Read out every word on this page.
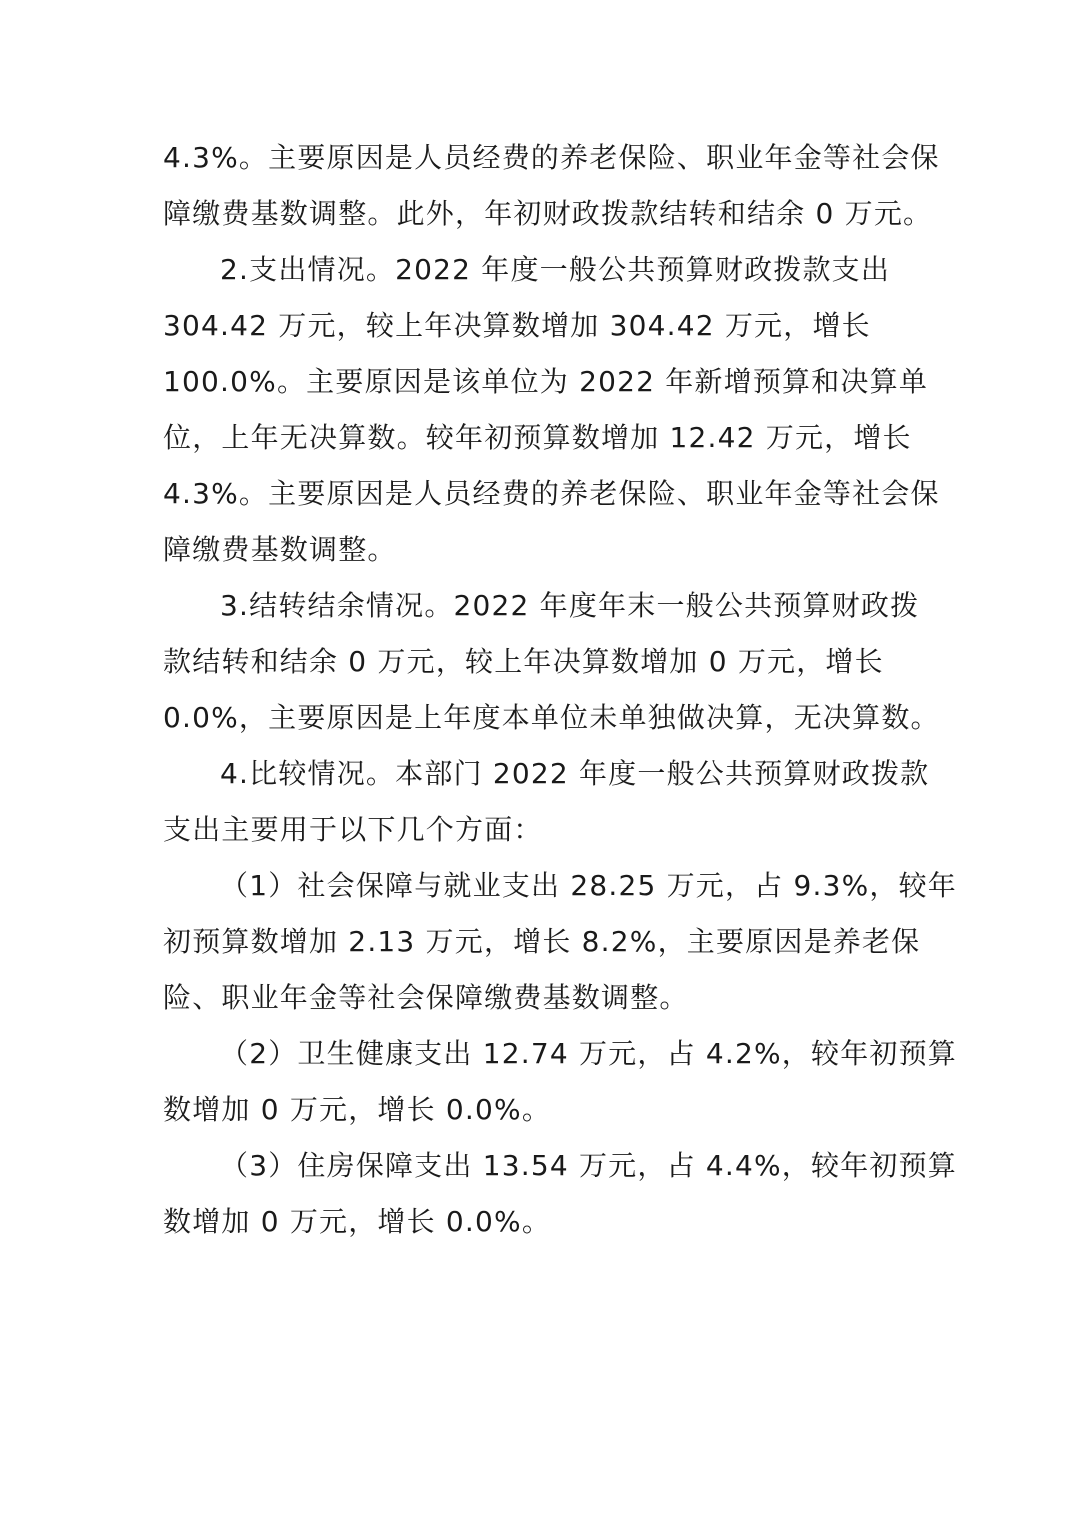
4.3%。主要原因是人员经费的养老保险、职业年金等社会保
障缴费基数调整。此外，年初财政拨款结转和结余 0 万元。
2.支出情况。2022 年度一般公共预算财政拨款支出
304.42 万元，较上年决算数增加 304.42 万元，增长
100.0%。主要原因是该单位为 2022 年新增预算和决算单
位，上年无决算数。较年初预算数增加 12.42 万元，增长
4.3%。主要原因是人员经费的养老保险、职业年金等社会保
障缴费基数调整。
3.结转结余情况。2022 年度年末一般公共预算财政拨
款结转和结余 0 万元，较上年决算数增加 0 万元，增长
0.0%，主要原因是上年度本单位未单独做决算，无决算数。
4.比较情况。本部门 2022 年度一般公共预算财政拨款
支出主要用于以下几个方面：
（1）社会保障与就业支出 28.25 万元，占 9.3%，较年
初预算数增加 2.13 万元，增长 8.2%，主要原因是养老保
险、职业年金等社会保障缴费基数调整。
（2）卫生健康支出 12.74 万元，占 4.2%，较年初预算
数增加 0 万元，增长 0.0%。
（3）住房保障支出 13.54 万元，占 4.4%，较年初预算
数增加 0 万元，增长 0.0%。
